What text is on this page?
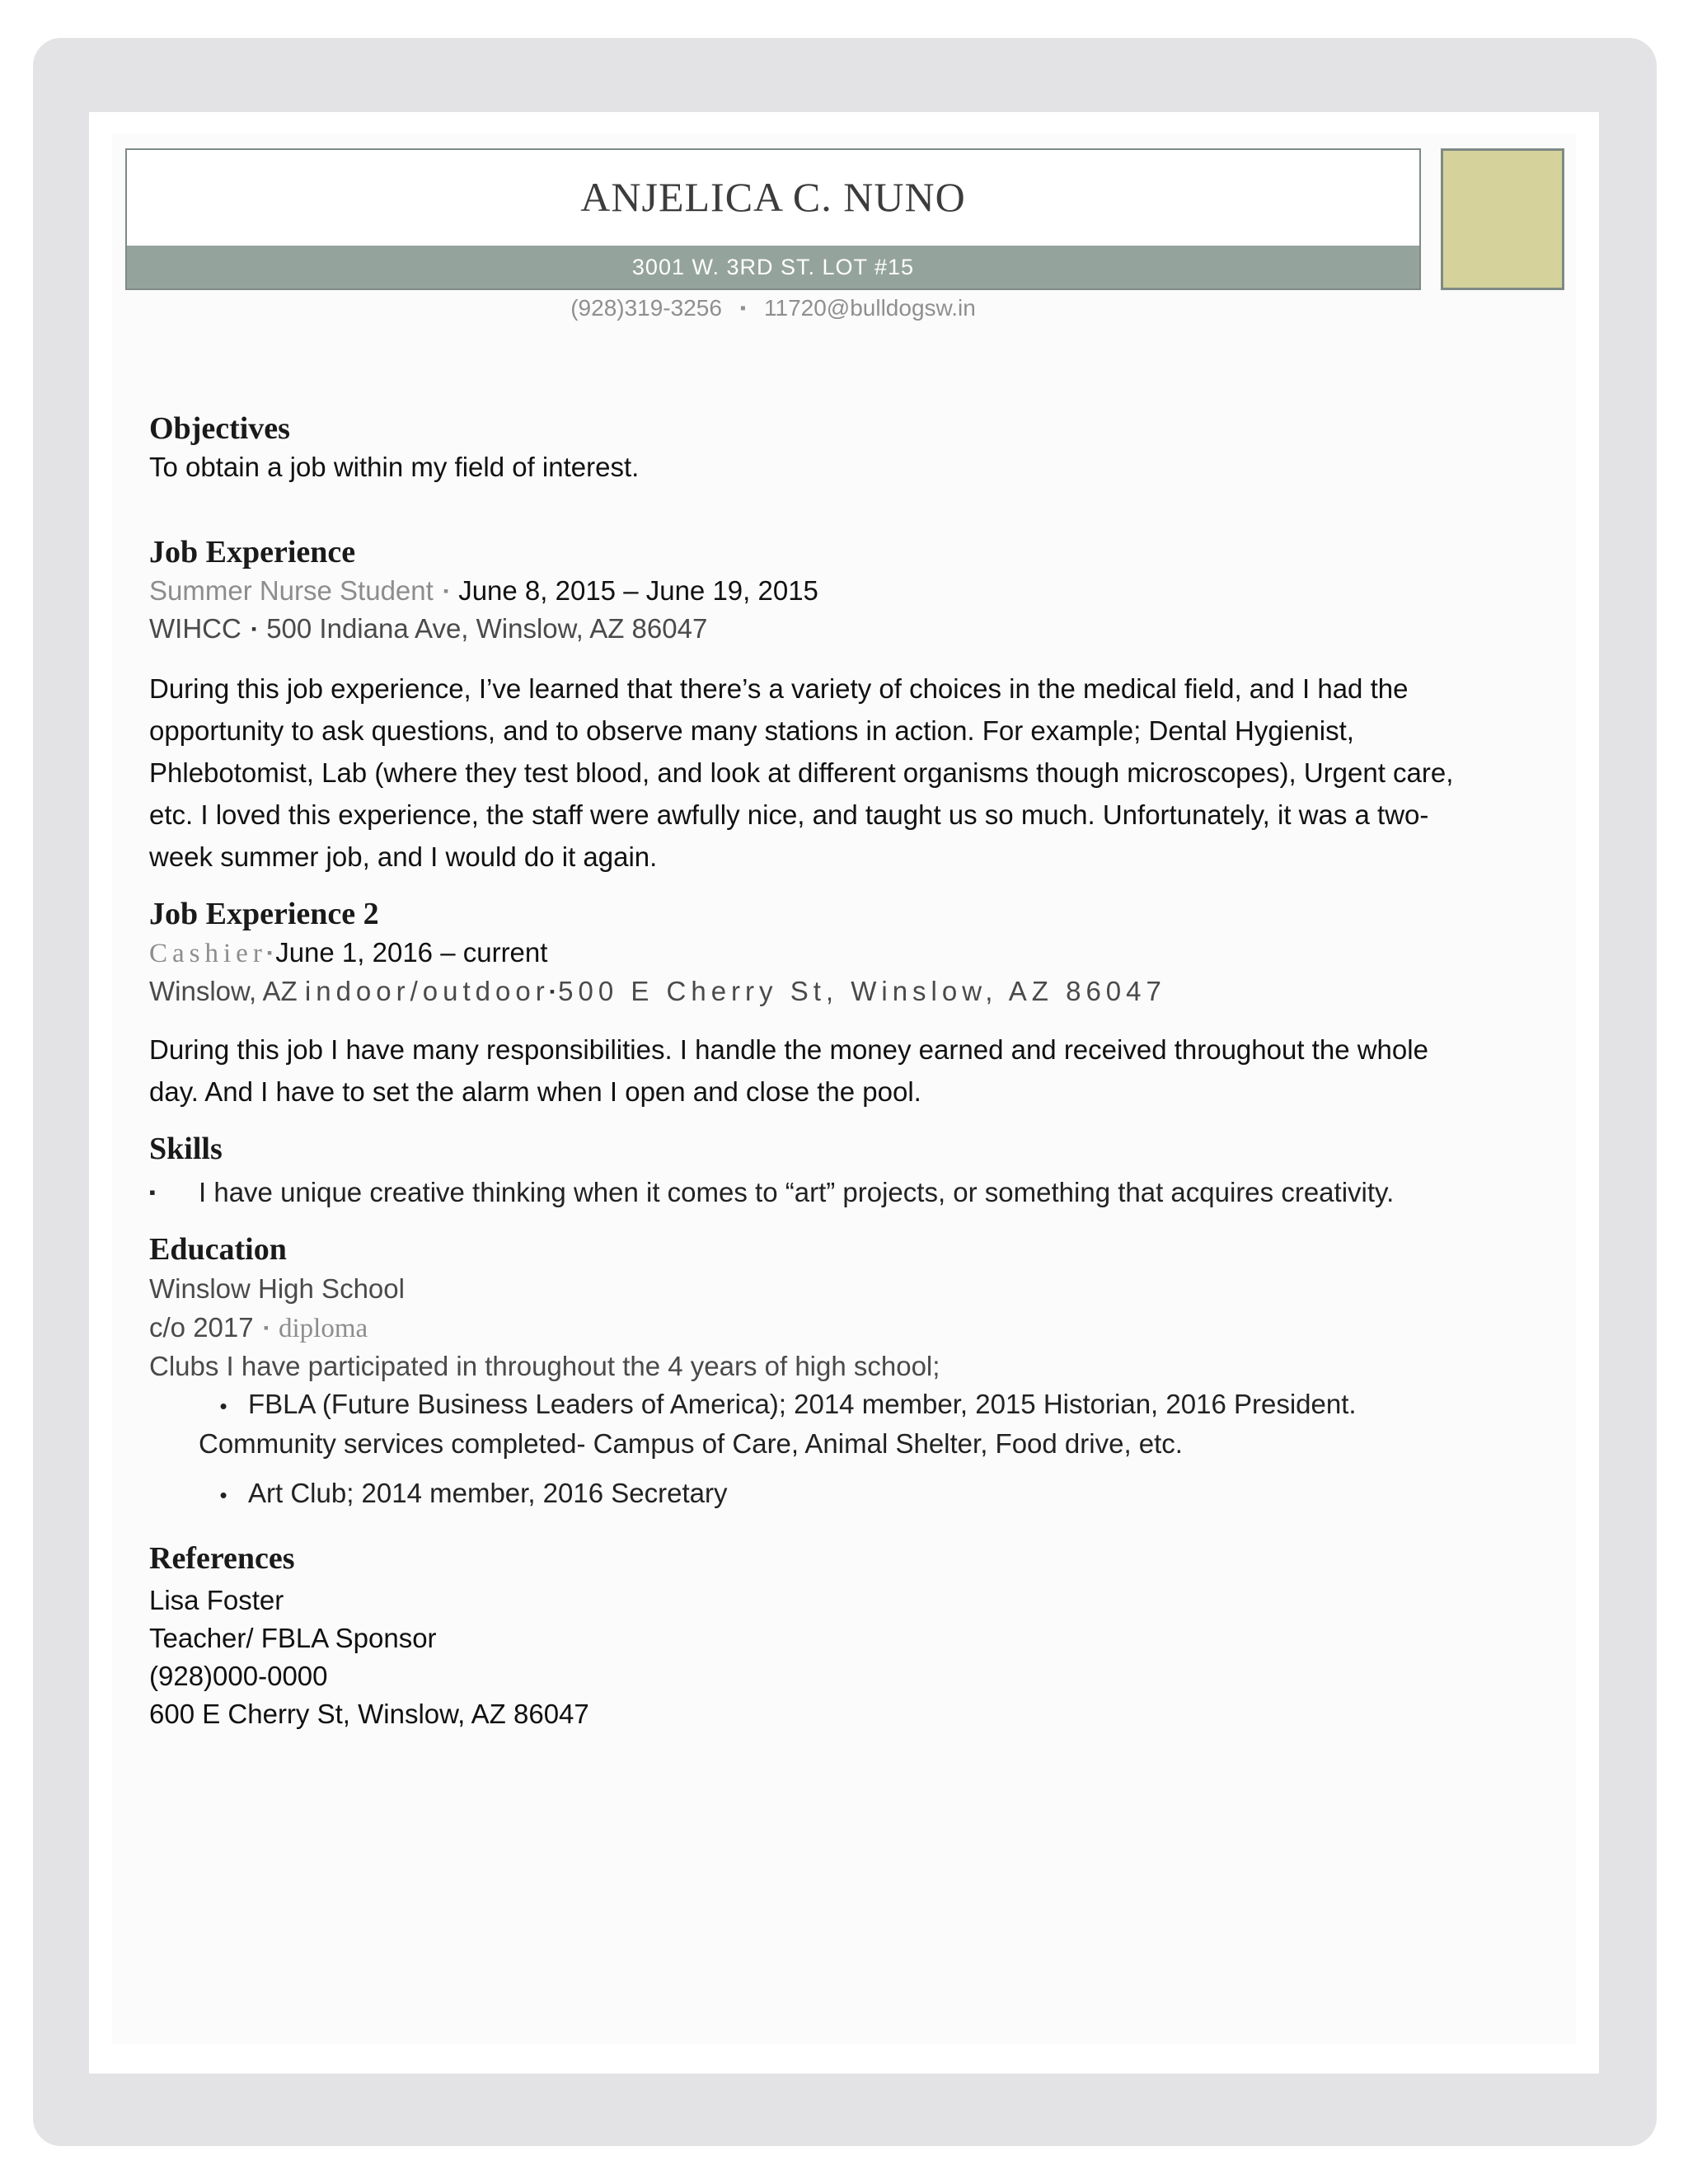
ANJELICA C. NUNO
3001 W. 3RD ST. LOT #15
(928)319-3256 ▪ 11720@bulldogsw.in
Objectives
To obtain a job within my field of interest.
Job Experience
Summer Nurse Student ▪ June 8, 2015 – June 19, 2015
WIHCC ▪ 500 Indiana Ave, Winslow, AZ 86047

During this job experience, I’ve learned that there’s a variety of choices in the medical field, and I had the

opportunity to ask questions, and to observe many stations in action. For example; Dental Hygienist,

Phlebotomist, Lab (where they test blood, and look at different organisms though microscopes), Urgent care,

etc. I loved this experience, the staff were awfully nice, and taught us so much. Unfortunately, it was a two-

week summer job, and I would do it again.

Job Experience 2
Cashier▪ June 1, 2016 – current
Winslow, AZ indoor/outdoor▪ 500 E Cherry St, Winslow, AZ 86047

During this job I have many responsibilities. I handle the money earned and received throughout the whole

day. And I have to set the alarm when I open and close the pool.

Skills
▪ I have unique creative thinking when it comes to “art” projects, or something that acquires creativity.
Education
Winslow High School
c/o 2017 ▪ diploma
Clubs I have participated in throughout the 4 years of high school;
• FBLA (Future Business Leaders of America); 2014 member, 2015 Historian, 2016 President.
Community services completed- Campus of Care, Animal Shelter, Food drive, etc.
• Art Club; 2014 member, 2016 Secretary
References
Lisa Foster
Teacher/ FBLA Sponsor
(928)000-0000
600 E Cherry St, Winslow, AZ 86047
